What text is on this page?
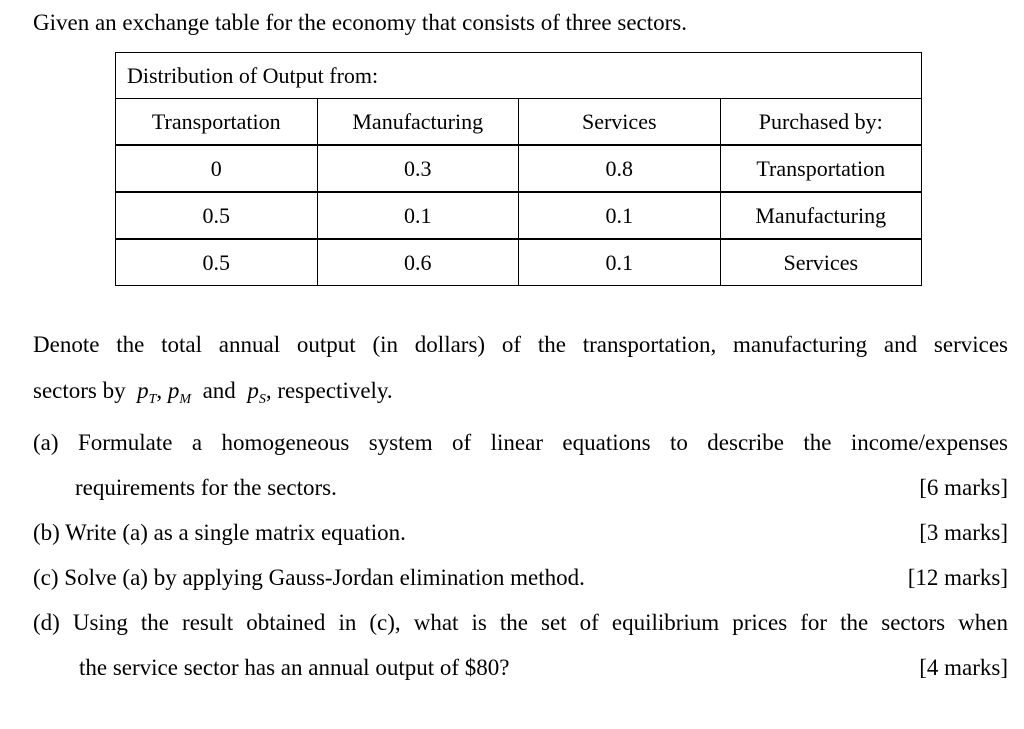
Given an exchange table for the economy that consists of three sectors.
Distribution of Output from:			
Transportation	Manufacturing	Services	Purchased by:
0	0.3	0.8	Transportation
0.5	0.1	0.1	Manufacturing
0.5	0.6	0.1	Services
Denote the total annual output (in dollars) of the transportation, manufacturing and services
sectors by $p_T$, $p_M$ and $p_S$, respectively.
(a) Formulate a homogeneous system of linear equations to describe the income/expenses
requirements for the sectors.	[6 marks]
(b) Write (a) as a single matrix equation.	[3 marks]
(c) Solve (a) by applying Gauss-Jordan elimination method.	[12 marks]
(d) Using the result obtained in (c), what is the set of equilibrium prices for the sectors when
the service sector has an annual output of $80?	[4 marks]
